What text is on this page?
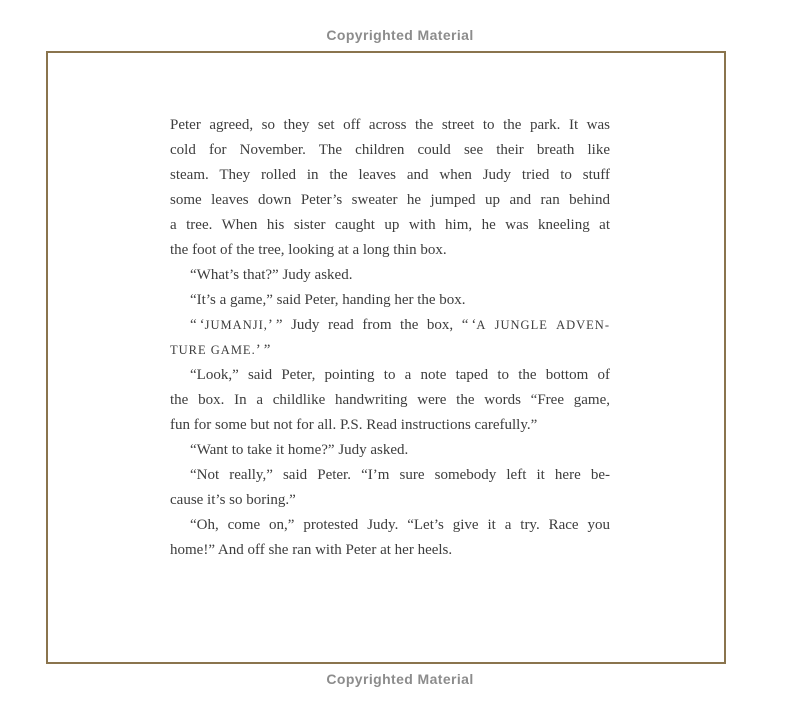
Copyrighted Material
Peter agreed, so they set off across the street to the park. It was
cold for November. The children could see their breath like
steam. They rolled in the leaves and when Judy tried to stuff
some leaves down Peter’s sweater he jumped up and ran behind
a tree. When his sister caught up with him, he was kneeling at
the foot of the tree, looking at a long thin box.
“What’s that?” Judy asked.
“It’s a game,” said Peter, handing her the box.
“ ‘JUMANJI,’ ” Judy read from the box, “ ‘A JUNGLE ADVEN-
TURE GAME.’ ”
“Look,” said Peter, pointing to a note taped to the bottom of
the box. In a childlike handwriting were the words “Free game,
fun for some but not for all. P.S. Read instructions carefully.”
“Want to take it home?” Judy asked.
“Not really,” said Peter. “I’m sure somebody left it here be-
cause it’s so boring.”
“Oh, come on,” protested Judy. “Let’s give it a try. Race you
home!” And off she ran with Peter at her heels.
Copyrighted Material
